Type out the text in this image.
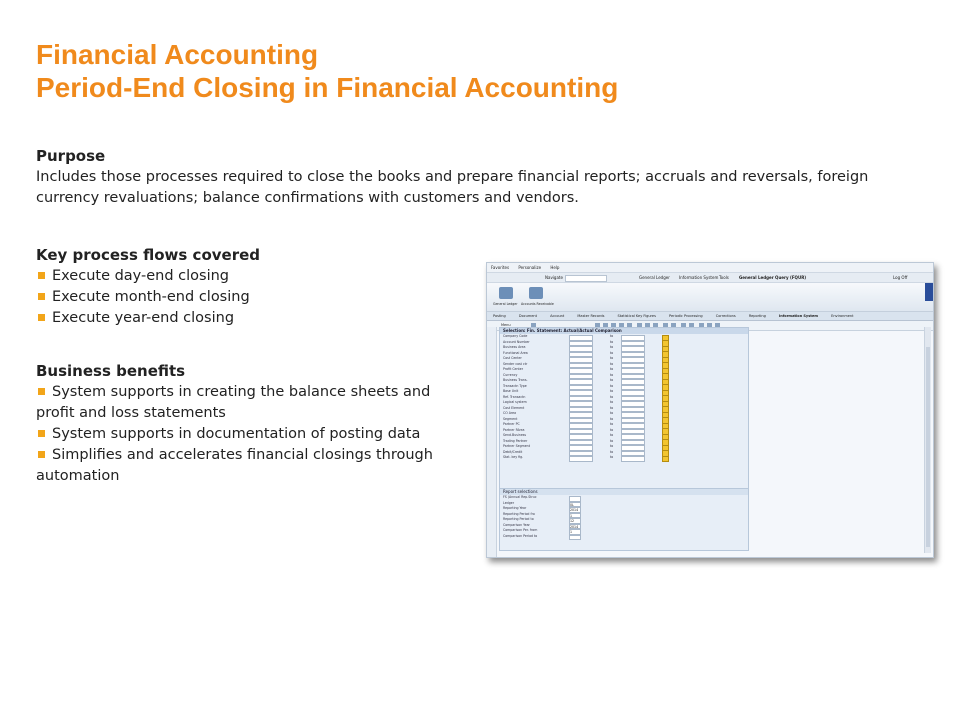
Financial Accounting
Period-End Closing in Financial Accounting
Purpose
Includes those processes required to close the books and prepare financial reports; accruals and reversals, foreign currency revaluations; balance confirmations with customers and vendors.
Key process flows covered
Execute day-end closing
Execute month-end closing
Execute year-end closing
Business benefits
System supports in creating the balance sheets and profit and loss statements
System supports in documentation of posting data
Simplifies and accelerates financial closings through automation
Favorites Personalize Help
Navigate	General Ledger Information System Tools	General Ledger Query (FQUR)	Log Off
General Ledger Accounts Receivable
Posting	Document	Account	Master Records	Statistical Key Figures	Periodic Processing	Corrections	Reporting	Information System	Environment
Menu
Selection: Fin. Statement: Actual/Actual Comparison
Company Code	to
Account Number	to
Business Area	to
Functional Area	to
Cost Center	to
Sender cost ctr	to
Profit Center	to
Currency	to
Business Trans.	to
Transactn Type	to
Base Unit	to
Ref. Transactn	to
Logical system	to
Cost Element	to
CO Area	to
Segment	to
Partner PC	to
Partner FArea	to
Send.Business	to
Trading Partner	to
Partner Segment	to
Debit/Credit	to
Stat. key fig.	to
Report selections
FS (Annual Rep.Struc
Ledger	0L
Reporting Year	2014
Reporting Period fro	1
Reporting Period to	12
Comparison Year	2014
Comparison Per. from	1
Comparison Period to
